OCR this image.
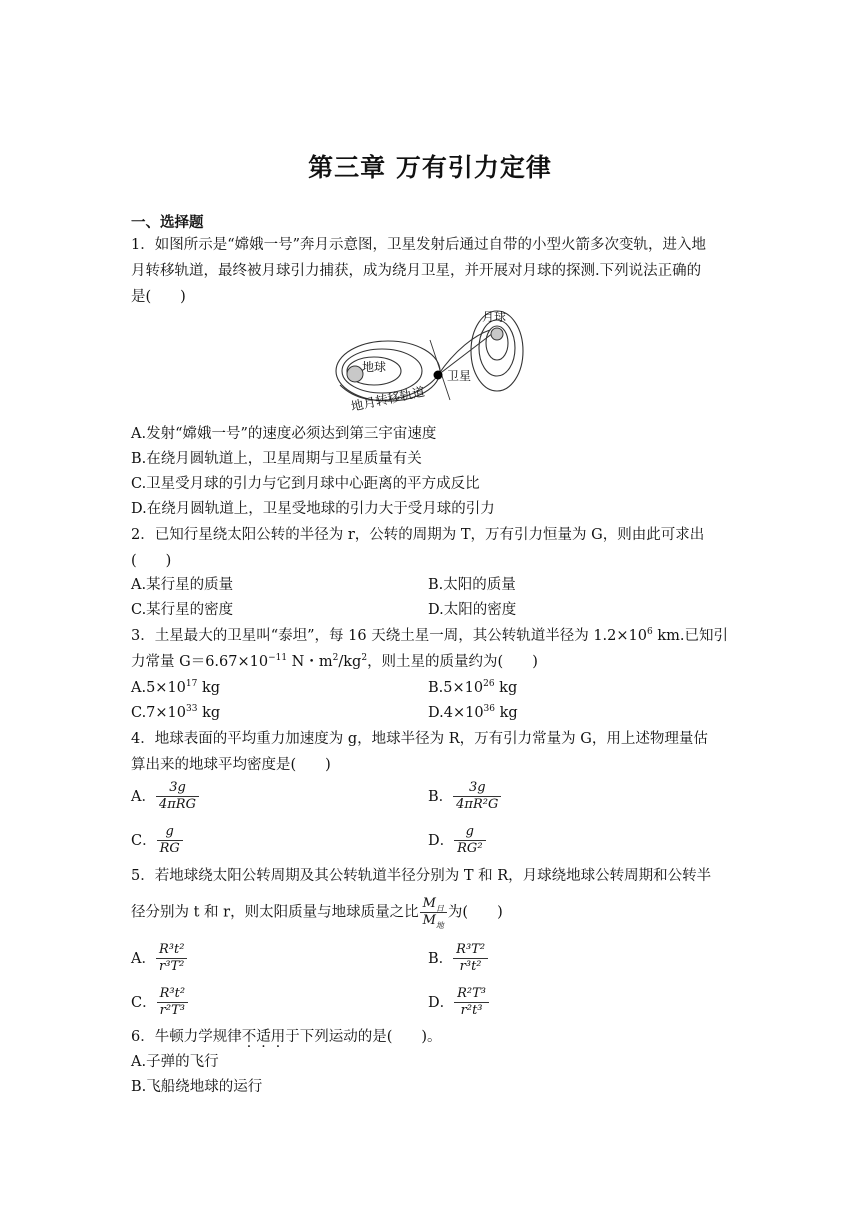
第三章 万有引力定律
一、选择题
1．如图所示是“嫦娥一号”奔月示意图，卫星发射后通过自带的小型火箭多次变轨，进入地
月转移轨道，最终被月球引力捕获，成为绕月卫星，并开展对月球的探测.下列说法正确的
是(　　)
地球
月球
卫星
地月转移轨道
A.发射“嫦娥一号”的速度必须达到第三宇宙速度
B.在绕月圆轨道上，卫星周期与卫星质量有关
C.卫星受月球的引力与它到月球中心距离的平方成反比
D.在绕月圆轨道上，卫星受地球的引力大于受月球的引力
2．已知行星绕太阳公转的半径为 r，公转的周期为 T，万有引力恒量为 G，则由此可求出
(　　)
A.某行星的质量	B.太阳的质量
C.某行星的密度	D.太阳的密度
3．土星最大的卫星叫“泰坦”，每 16 天绕土星一周，其公转轨道半径为 $1.2\times 10^6$ km.已知引
力常量 $G=6.67\times 10^{-11}$ N・$m^2/kg^2$，则土星的质量约为(　　)
$A.5\times 10^{17}$ kg	$B.5\times 10^{26}$ kg
$C.7\times 10^{33}$ kg	$D.4\times 10^{36}$ kg
4．地球表面的平均重力加速度为 g，地球半径为 R，万有引力常量为 G，用上述物理量估
算出来的地球平均密度是(　　)
A． $\frac{3g}{\text{4πRG}}$	B． $\frac{3g}{\text{4πR²G}}$
C． $\frac{g}{RG}$	D． $\frac{g}{\text{RG²}}$
5．若地球绕太阳公转周期及其公转轨道半径分别为 T 和 R，月球绕地球公转周期和公转半
径分别为 t 和 r，则太阳质量与地球质量之比 $\frac{M_日}{M_地}$ 为(　　)
A． $\frac{\text{R³t²}}{\text{r³T²}}$	B． $\frac{\text{R³T²}}{\text{r³t²}}$
C． $\frac{\text{R³t²}}{\text{r²T³}}$	D． $\frac{\text{R²T³}}{\text{r²t³}}$
6．牛顿力学规律不适用于下列运动的是(　　)。
A.子弹的飞行
B.飞船绕地球的运行
